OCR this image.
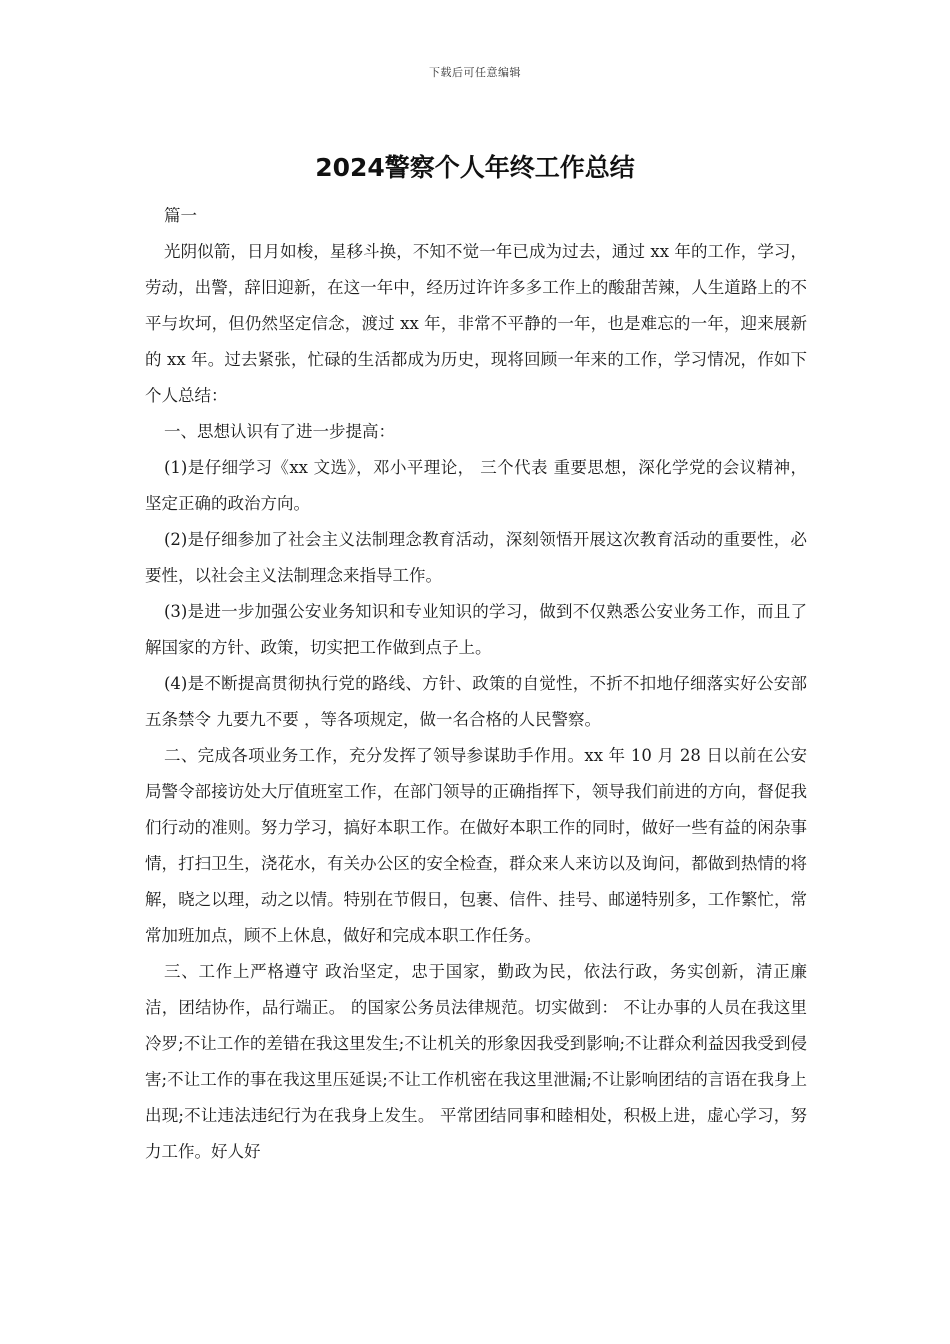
下载后可任意编辑
2024警察个人年终工作总结

篇一

光阴似箭，日月如梭，星移斗换，不知不觉一年已成为过去，通过 xx 年的工作，学习，劳动，出警，辞旧迎新，在这一年中，经历过许许多多工作上的酸甜苦辣，人生道路上的不平与坎坷，但仍然坚定信念，渡过 xx 年，非常不平静的一年，也是难忘的一年，迎来展新的 xx 年。过去紧张，忙碌的生活都成为历史，现将回顾一年来的工作，学习情况，作如下个人总结：

一、思想认识有了进一步提高：

(1)是仔细学习《xx 文选》，邓小平理论， 三个代表 重要思想，深化学党的会议精神，坚定正确的政治方向。

(2)是仔细参加了社会主义法制理念教育活动，深刻领悟开展这次教育活动的重要性，必要性，以社会主义法制理念来指导工作。

(3)是进一步加强公安业务知识和专业知识的学习，做到不仅熟悉公安业务工作，而且了解国家的方针、政策，切实把工作做到点子上。

(4)是不断提高贯彻执行党的路线、方针、政策的自觉性，不折不扣地仔细落实好公安部 五条禁令 九要九不要 ，等各项规定，做一名合格的人民警察。

二、完成各项业务工作，充分发挥了领导参谋助手作用。xx 年 10 月 28 日以前在公安局警令部接访处大厅值班室工作，在部门领导的正确指挥下，领导我们前进的方向，督促我们行动的准则。努力学习，搞好本职工作。在做好本职工作的同时，做好一些有益的闲杂事情，打扫卫生，浇花水，有关办公区的安全检查，群众来人来访以及询问，都做到热情的将解，晓之以理，动之以情。特别在节假日，包裹、信件、挂号、邮递特别多，工作繁忙，常常加班加点，顾不上休息，做好和完成本职工作任务。

三、工作上严格遵守 政治坚定，忠于国家，勤政为民，依法行政，务实创新，清正廉洁，团结协作，品行端正。 的国家公务员法律规范。切实做到： 不让办事的人员在我这里冷罗;不让工作的差错在我这里发生;不让机关的形象因我受到影响;不让群众利益因我受到侵害;不让工作的事在我这里压延误;不让工作机密在我这里泄漏;不让影响团结的言语在我身上出现;不让违法违纪行为在我身上发生。 平常团结同事和睦相处，积极上进，虚心学习，努力工作。好人好
